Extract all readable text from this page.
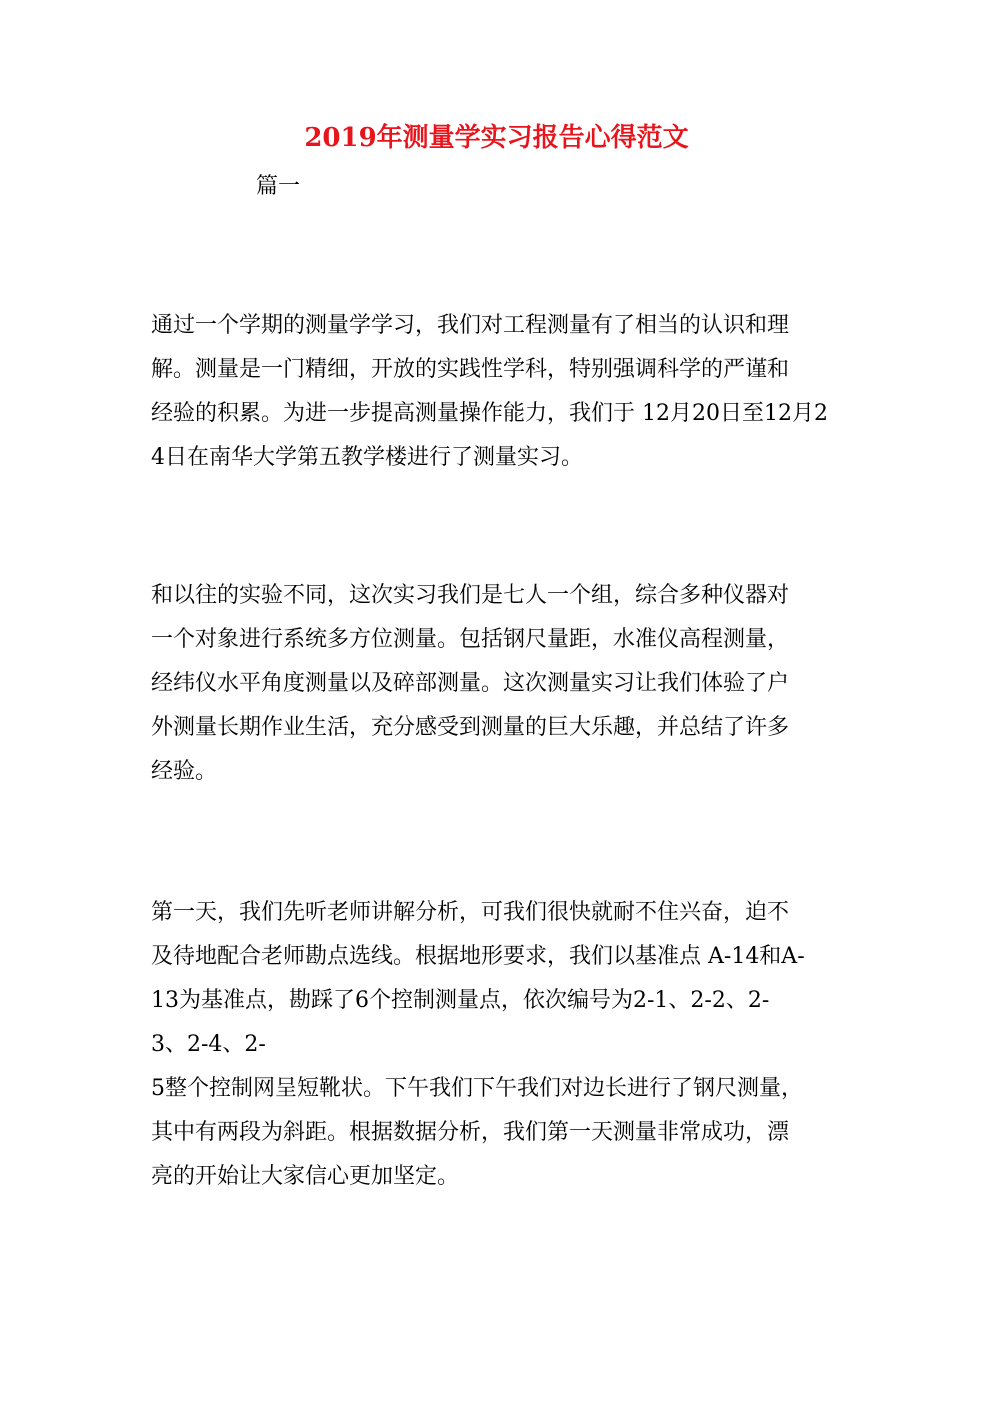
2019年测量学实习报告心得范文
篇一

通过一个学期的测量学学习，我们对工程测量有了相当的认识和理
解。测量是一门精细，开放的实践性学科，特别强调科学的严谨和
经验的积累。为进一步提高测量操作能力，我们于 12月20日至12月2
4日在南华大学第五教学楼进行了测量实习。

和以往的实验不同，这次实习我们是七人一个组，综合多种仪器对
一个对象进行系统多方位测量。包括钢尺量距，水准仪高程测量，
经纬仪水平角度测量以及碎部测量。这次测量实习让我们体验了户
外测量长期作业生活，充分感受到测量的巨大乐趣，并总结了许多
经验。

第一天，我们先听老师讲解分析，可我们很快就耐不住兴奋，迫不
及待地配合老师勘点选线。根据地形要求，我们以基准点 A-14和A-
13为基准点，勘踩了6个控制测量点，依次编号为2-1、2-2、2-
3、2-4、2-
5整个控制网呈短靴状。下午我们下午我们对边长进行了钢尺测量，
其中有两段为斜距。根据数据分析，我们第一天测量非常成功，漂
亮的开始让大家信心更加坚定。
